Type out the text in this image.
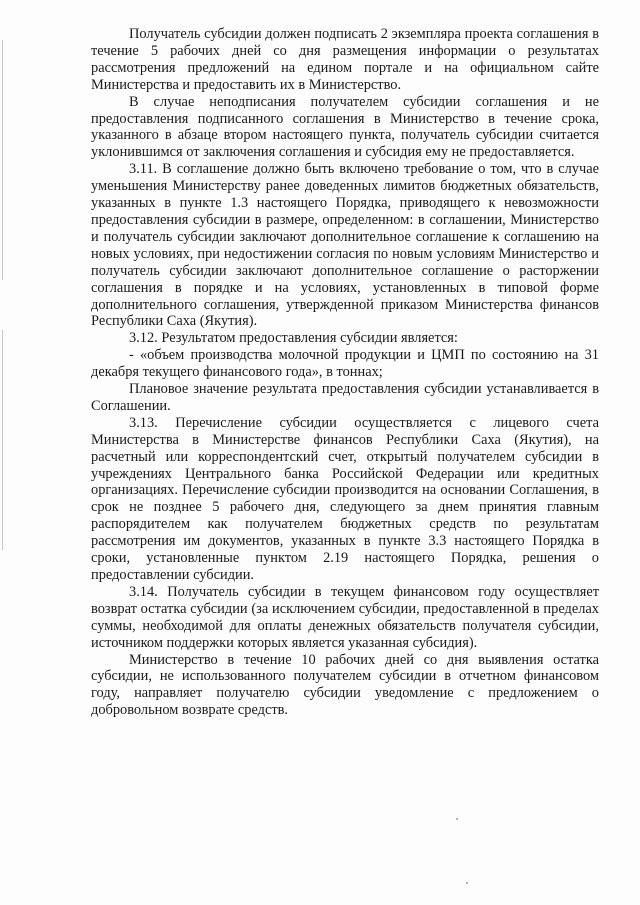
Получатель субсидии должен подписать 2 экземпляра проекта соглашения в течение 5 рабочих дней со дня размещения информации о результатах рассмотрения предложений на едином портале и на официальном сайте Министерства и предоставить их в Министерство.

В случае неподписания получателем субсидии соглашения и не предоставления подписанного соглашения в Министерство в течение срока, указанного в абзаце втором настоящего пункта, получатель субсидии считается уклонившимся от заключения соглашения и субсидия ему не предоставляется.

3.11. В соглашение должно быть включено требование о том, что в случае уменьшения Министерству ранее доведенных лимитов бюджетных обязательств, указанных в пункте 1.3 настоящего Порядка, приводящего к невозможности предоставления субсидии в размере, определенном: в соглашении, Министерство и получатель субсидии заключают дополнительное соглашение к соглашению на новых условиях, при недостижении согласия по новым условиям Министерство и получатель субсидии заключают дополнительное соглашение о расторжении соглашения в порядке и на условиях, установленных в типовой форме дополнительного соглашения, утвержденной приказом Министерства финансов Республики Саха (Якутия).

3.12. Результатом предоставления субсидии является:

- «объем производства молочной продукции и ЦМП по состоянию на 31 декабря текущего финансового года», в тоннах;

Плановое значение результата предоставления субсидии устанавливается в Соглашении.

3.13. Перечисление субсидии осуществляется с лицевого счета Министерства в Министерстве финансов Республики Саха (Якутия), на расчетный или корреспондентский счет, открытый получателем субсидии в учреждениях Центрального банка Российской Федерации или кредитных организациях. Перечисление субсидии производится на основании Соглашения, в срок не позднее 5 рабочего дня, следующего за днем принятия главным распорядителем как получателем бюджетных средств по результатам рассмотрения им документов, указанных в пункте 3.3 настоящего Порядка в сроки, установленные пунктом 2.19 настоящего Порядка, решения о предоставлении субсидии.

3.14. Получатель субсидии в текущем финансовом году осуществляет возврат остатка субсидии (за исключением субсидии, предоставленной в пределах суммы, необходимой для оплаты денежных обязательств получателя субсидии, источником поддержки которых является указанная субсидия).

Министерство в течение 10 рабочих дней со дня выявления остатка субсидии, не использованного получателем субсидии в отчетном финансовом году, направляет получателю субсидии уведомление с предложением о добровольном возврате средств.
